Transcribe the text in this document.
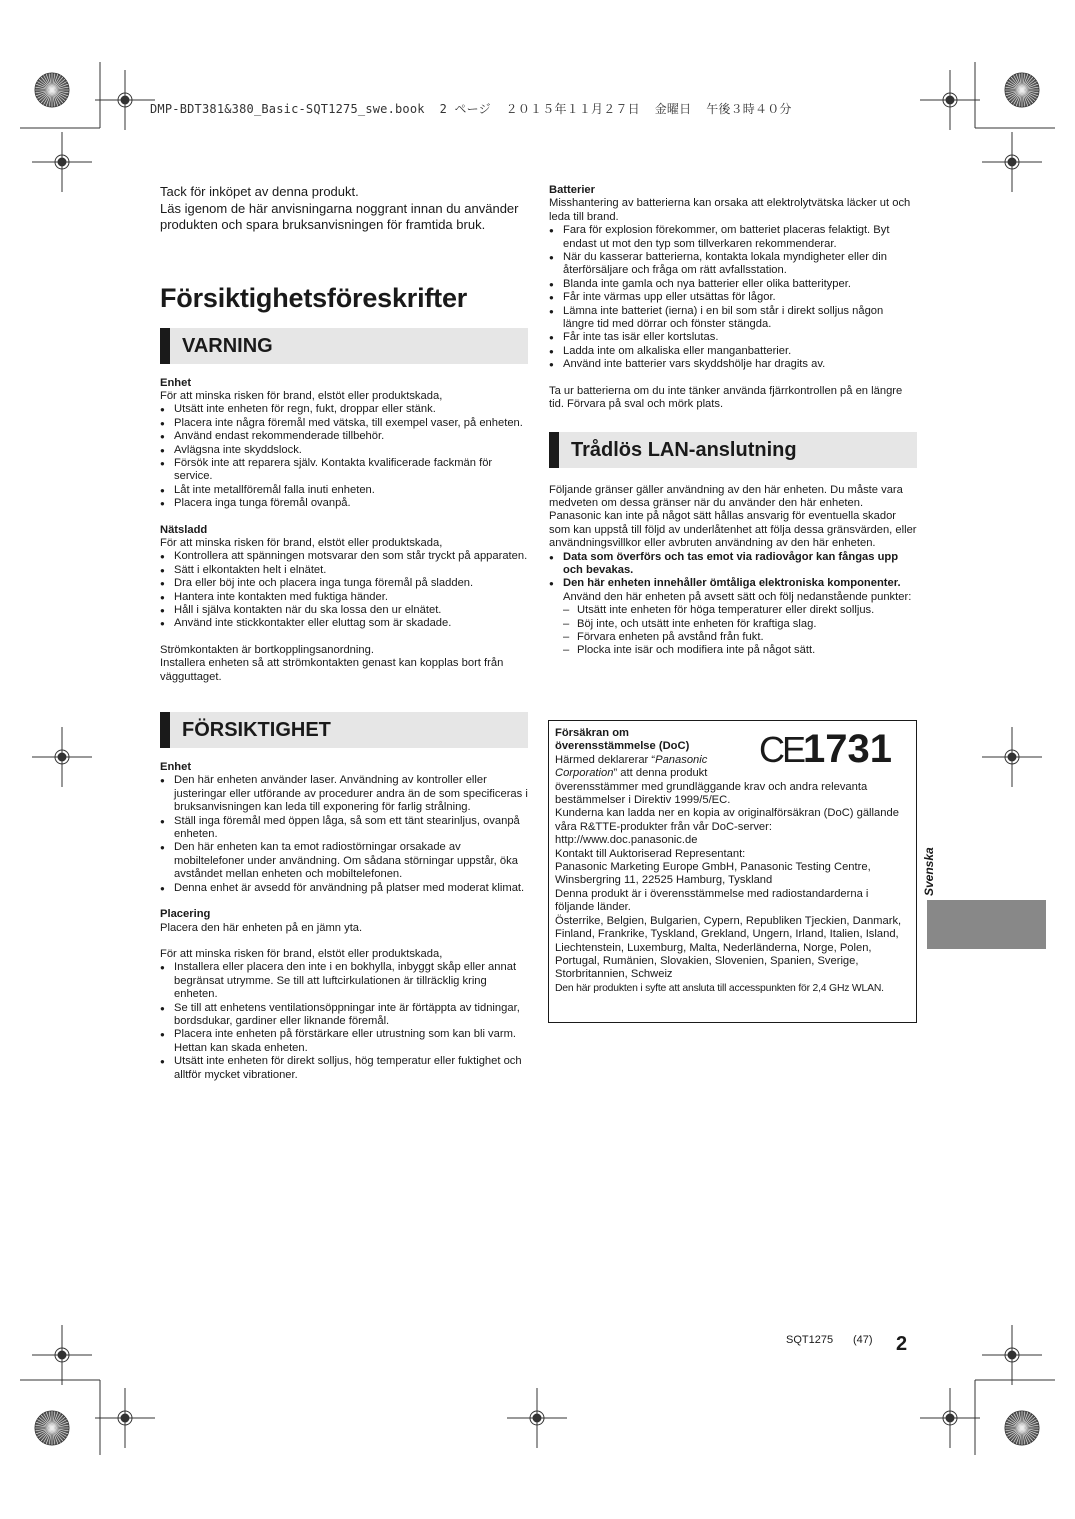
DMP-BDT381&380_Basic-SQT1275_swe.book 2 ページ ２０１５年１１月２７日 金曜日 午後３時４０分

Tack för inköpet av denna produkt.

Läs igenom de här anvisningarna noggrant innan du använder produkten och spara bruksanvisningen för framtida bruk.

Försiktighetsföreskrifter
VARNING

Enhet

För att minska risken för brand, elstöt eller produktskada,

● Utsätt inte enheten för regn, fukt, droppar eller stänk.
● Placera inte några föremål med vätska, till exempel vaser, på enheten.
● Använd endast rekommenderade tillbehör.
● Avlägsna inte skyddslock.
● Försök inte att reparera själv. Kontakta kvalificerade fackmän för service.
● Låt inte metallföremål falla inuti enheten.
● Placera inga tunga föremål ovanpå.

Nätsladd

För att minska risken för brand, elstöt eller produktskada,

● Kontrollera att spänningen motsvarar den som står tryckt på apparaten.
● Sätt i elkontakten helt i elnätet.
● Dra eller böj inte och placera inga tunga föremål på sladden.
● Hantera inte kontakten med fuktiga händer.
● Håll i själva kontakten när du ska lossa den ur elnätet.
● Använd inte stickkontakter eller eluttag som är skadade.

Strömkontakten är bortkopplingsanordning.

Installera enheten så att strömkontakten genast kan kopplas bort från vägguttaget.

FÖRSIKTIGHET

Enhet

● Den här enheten använder laser. Användning av kontroller eller justeringar eller utförande av procedurer andra än de som specificeras i bruksanvisningen kan leda till exponering för farlig strålning.
● Ställ inga föremål med öppen låga, så som ett tänt stearinljus, ovanpå enheten.
● Den här enheten kan ta emot radiostörningar orsakade av mobiltelefoner under användning. Om sådana störningar uppstår, öka avståndet mellan enheten och mobiltelefonen.
● Denna enhet är avsedd för användning på platser med moderat klimat.

Placering

Placera den här enheten på en jämn yta.

För att minska risken för brand, elstöt eller produktskada,

● Installera eller placera den inte i en bokhylla, inbyggt skåp eller annat begränsat utrymme. Se till att luftcirkulationen är tillräcklig kring enheten.
● Se till att enhetens ventilationsöppningar inte är förtäppta av tidningar, bordsdukar, gardiner eller liknande föremål.
● Placera inte enheten på förstärkare eller utrustning som kan bli varm. Hettan kan skada enheten.
● Utsätt inte enheten för direkt solljus, hög temperatur eller fuktighet och alltför mycket vibrationer.

Batterier

Misshantering av batterierna kan orsaka att elektrolytvätska läcker ut och leda till brand.

● Fara för explosion förekommer, om batteriet placeras felaktigt. Byt endast ut mot den typ som tillverkaren rekommenderar.
● När du kasserar batterierna, kontakta lokala myndigheter eller din återförsäljare och fråga om rätt avfallsstation.
● Blanda inte gamla och nya batterier eller olika batterityper.
● Får inte värmas upp eller utsättas för lågor.
● Lämna inte batteriet (ierna) i en bil som står i direkt solljus någon längre tid med dörrar och fönster stängda.
● Får inte tas isär eller kortslutas.
● Ladda inte om alkaliska eller manganbatterier.
● Använd inte batterier vars skyddshölje har dragits av.

Ta ur batterierna om du inte tänker använda fjärrkontrollen på en längre tid. Förvara på sval och mörk plats.

Trådlös LAN-anslutning

Följande gränser gäller användning av den här enheten. Du måste vara medveten om dessa gränser när du använder den här enheten.

Panasonic kan inte på något sätt hållas ansvarig för eventuella skador som kan uppstå till följd av underlåtenhet att följa dessa gränsvärden, eller användningsvillkor eller avbruten användning av den här enheten.

● Data som överförs och tas emot via radiovågor kan fångas upp och bevakas.
● Den här enheten innehåller ömtåliga elektroniska komponenter.

Använd den här enheten på avsett sätt och följ nedanstående punkter:

– Utsätt inte enheten för höga temperaturer eller direkt solljus.
– Böj inte, och utsätt inte enheten för kraftiga slag.
– Förvara enheten på avstånd från fukt.
– Plocka inte isär och modifiera inte på något sätt.
CE1731

Försäkran om

överensstämmelse (DoC)

Härmed deklarerar “Panasonic

Corporation” att denna produkt

överensstämmer med grundläggande krav och andra relevanta bestämmelser i Direktiv 1999/5/EC.

Kunderna kan ladda ner en kopia av originalförsäkran (DoC) gällande våra R&TTE-produkter från vår DoC-server:

http://www.doc.panasonic.de

Kontakt till Auktoriserad Representant:

Panasonic Marketing Europe GmbH, Panasonic Testing Centre, Winsbergring 11, 22525 Hamburg, Tyskland

Denna produkt är i överensstämmelse med radiostandarderna i följande länder.

Österrike, Belgien, Bulgarien, Cypern, Republiken Tjeckien, Danmark, Finland, Frankrike, Tyskland, Grekland, Ungern, Irland, Italien, Island, Liechtenstein, Luxemburg, Malta, Nederländerna, Norge, Polen, Portugal, Rumänien, Slovakien, Slovenien, Spanien, Sverige, Storbritannien, Schweiz

Den här produkten i syfte att ansluta till accesspunkten för 2,4 GHz WLAN.

Svenska
SQT1275 (47) 2
